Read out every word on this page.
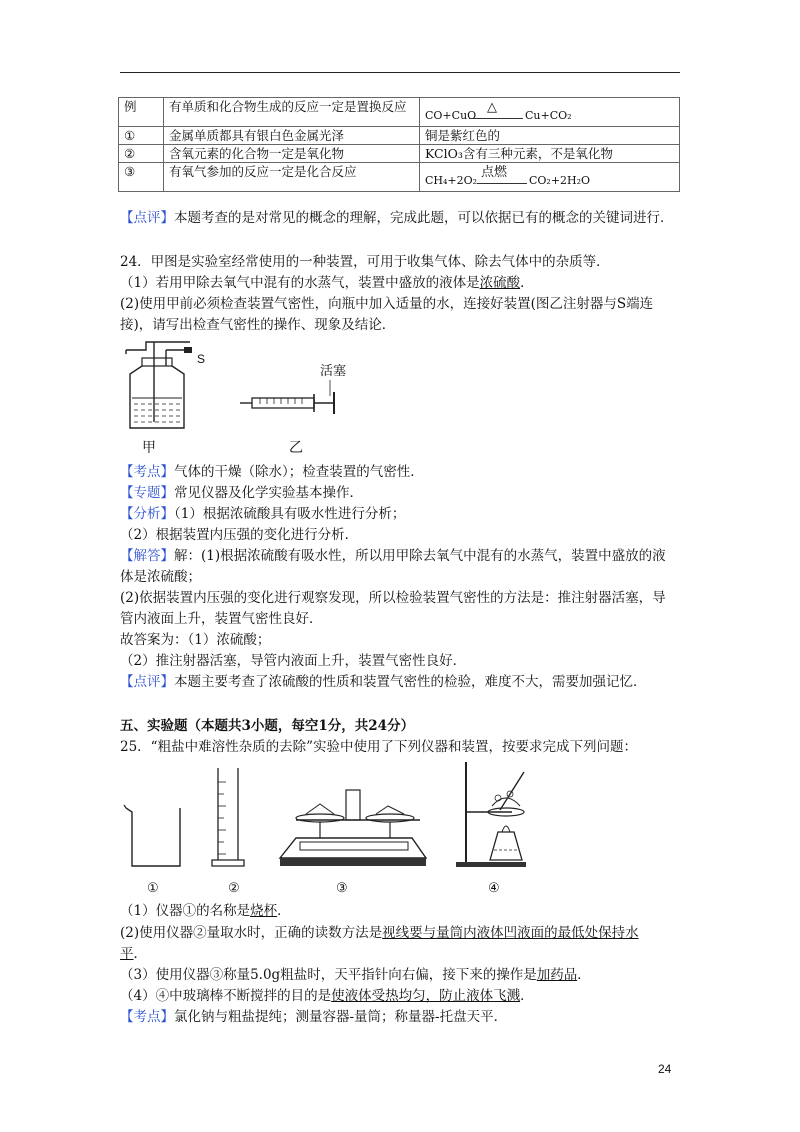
例	有单质和化合物生成的反应一定是置换反应	CO+CuO
△
Cu+CO₂

①	金属单质都具有银白色金属光泽	铜是紫红色的
②	含氧元素的化合物一定是氧化物	KClO₃含有三种元素，不是氧化物
③	有氧气参加的反应一定是化合反应	CH₄+2O₂
点燃
CO₂+2H₂O
【点评】本题考查的是对常见的概念的理解，完成此题，可以依据已有的概念的关键词进行．
24．甲图是实验室经常使用的一种装置，可用于收集气体、除去气体中的杂质等．
（1）若用甲除去氧气中混有的水蒸气，装置中盛放的液体是浓硫酸．
(2)使用甲前必须检查装置气密性，向瓶中加入适量的水，连接好装置(图乙注射器与S端连
接)，请写出检查气密性的操作、现象及结论．
S
甲
活塞
乙
【考点】气体的干燥（除水）；检查装置的气密性．
【专题】常见仪器及化学实验基本操作．
【分析】（1）根据浓硫酸具有吸水性进行分析；
（2）根据装置内压强的变化进行分析．
【解答】解：(1)根据浓硫酸有吸水性，所以用甲除去氧气中混有的水蒸气，装置中盛放的液
体是浓硫酸；
(2)依据装置内压强的变化进行观察发现，所以检验装置气密性的方法是：推注射器活塞，导
管内液面上升，装置气密性良好．
故答案为：（1）浓硫酸；
（2）推注射器活塞，导管内液面上升，装置气密性良好．
【点评】本题主要考查了浓硫酸的性质和装置气密性的检验，难度不大，需要加强记忆．
五、实验题（本题共3小题，每空1分，共24分）
25．“粗盐中难溶性杂质的去除”实验中使用了下列仪器和装置，按要求完成下列问题：
①	②	③	④
（1）仪器①的名称是烧杯．
(2)使用仪器②量取水时，正确的读数方法是视线要与量筒内液体凹液面的最低处保持水
平．
（3）使用仪器③称量5.0g粗盐时，天平指针向右偏，接下来的操作是加药品．
（4）④中玻璃棒不断搅拌的目的是使液体受热均匀，防止液体飞溅．
【考点】氯化钠与粗盐提纯；测量容器-量筒；称量器-托盘天平．
24
